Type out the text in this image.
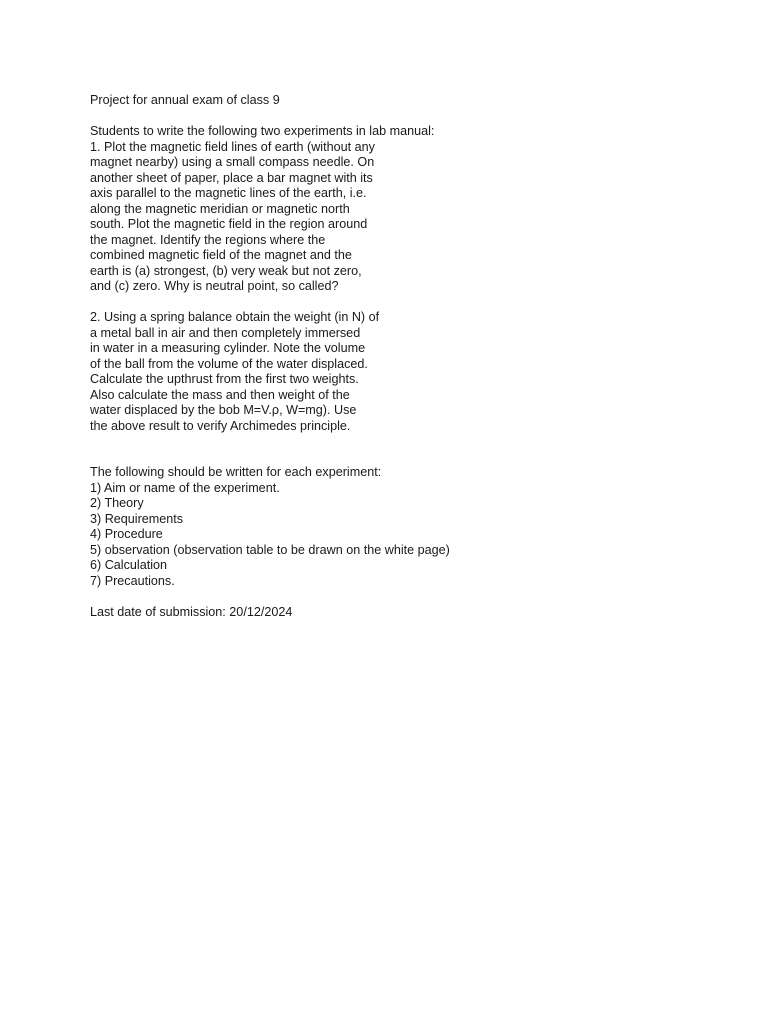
Project for annual exam of class 9
Students to write the following two experiments in lab manual:
1. Plot the magnetic field lines of earth (without any
magnet nearby) using a small compass needle. On
another sheet of paper, place a bar magnet with its
axis parallel to the magnetic lines of the earth, i.e.
along the magnetic meridian or magnetic north
south. Plot the magnetic field in the region around
the magnet. Identify the regions where the
combined magnetic field of the magnet and the
earth is (a) strongest, (b) very weak but not zero,
and (c) zero. Why is neutral point, so called?
2. Using a spring balance obtain the weight (in N) of
a metal ball in air and then completely immersed
in water in a measuring cylinder. Note the volume
of the ball from the volume of the water displaced.
Calculate the upthrust from the first two weights.
Also calculate the mass and then weight of the
water displaced by the bob M=V.ρ, W=mg). Use
the above result to verify Archimedes principle.
The following should be written for each experiment:
1) Aim or name of the experiment.
2) Theory
3) Requirements
4) Procedure
5) observation (observation table to be drawn on the white page)
6) Calculation
7) Precautions.
Last date of submission: 20/12/2024
